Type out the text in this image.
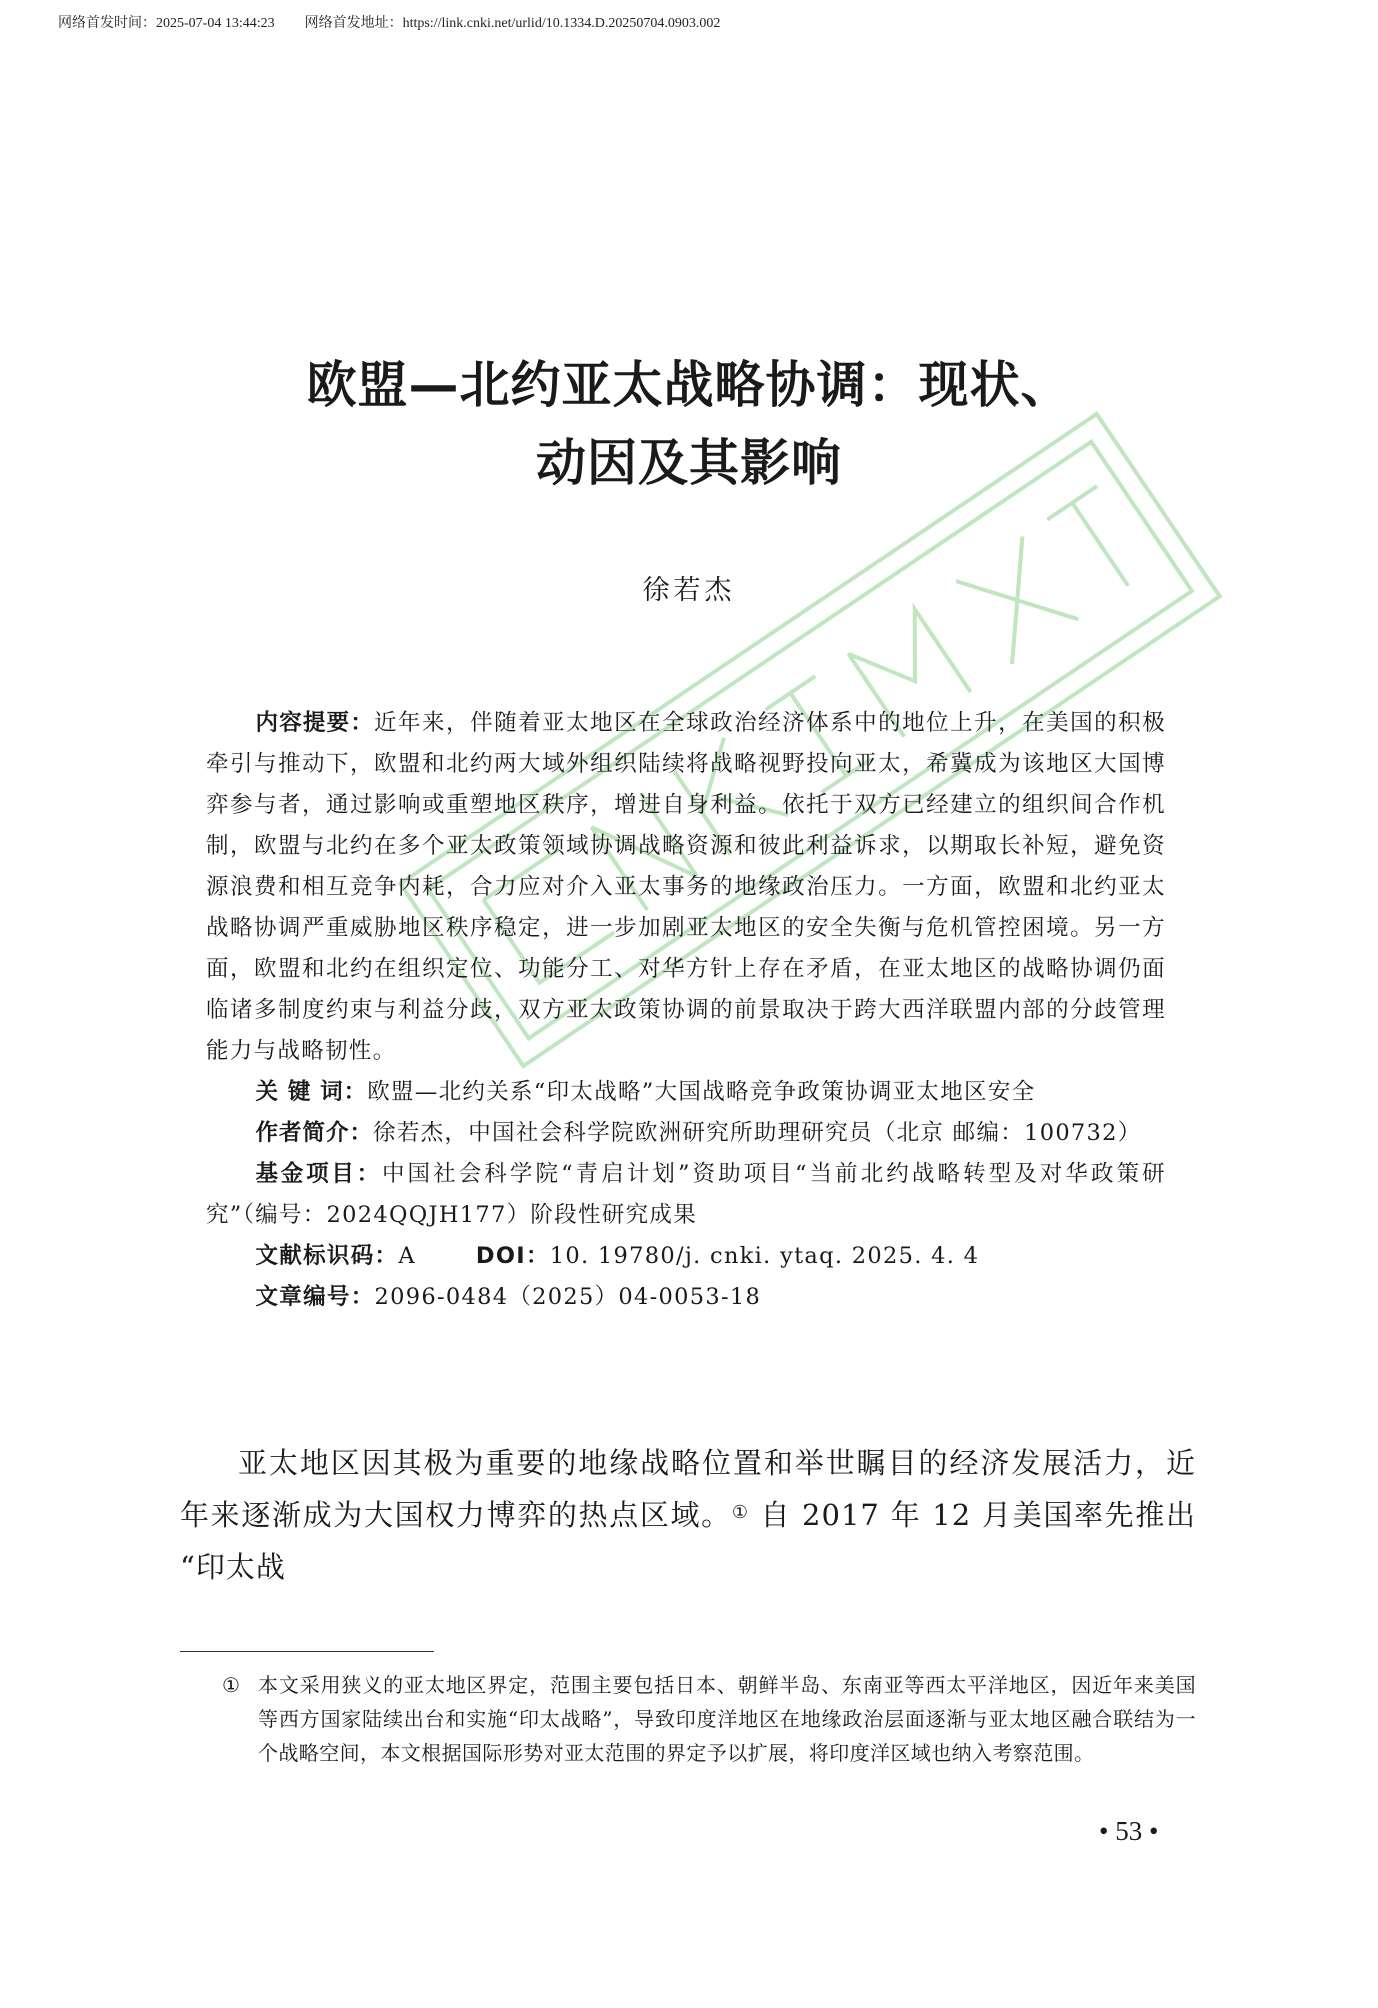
网络首发时间：2025-07-04 13:44:23 网络首发地址：https://link.cnki.net/urlid/10.1334.D.20250704.0903.002
欧盟—北约亚太战略协调：现状、
动因及其影响
徐若杰

内容提要：近年来，伴随着亚太地区在全球政治经济体系中的地位上升，在美国的积极牵引与推动下，欧盟和北约两大域外组织陆续将战略视野投向亚太，希冀成为该地区大国博弈参与者，通过影响或重塑地区秩序，增进自身利益。依托于双方已经建立的组织间合作机制，欧盟与北约在多个亚太政策领域协调战略资源和彼此利益诉求，以期取长补短，避免资源浪费和相互竞争内耗，合力应对介入亚太事务的地缘政治压力。一方面，欧盟和北约亚太战略协调严重威胁地区秩序稳定，进一步加剧亚太地区的安全失衡与危机管控困境。另一方面，欧盟和北约在组织定位、功能分工、对华方针上存在矛盾，在亚太地区的战略协调仍面临诸多制度约束与利益分歧，双方亚太政策协调的前景取决于跨大西洋联盟内部的分歧管理能力与战略韧性。

关 键 词：欧盟—北约关系“印太战略”大国战略竞争政策协调亚太地区安全

作者简介：徐若杰，中国社会科学院欧洲研究所助理研究员（北京 邮编：100732）

基金项目：中国社会科学院“青启计划”资助项目“当前北约战略转型及对华政策研究”（编号：2024QQJH177）阶段性研究成果

文献标识码：A	DOI：10. 19780/j. cnki. ytaq. 2025. 4. 4

文章编号：2096-0484（2025）04-0053-18

亚太地区因其极为重要的地缘战略位置和举世瞩目的经济发展活力，近年来逐渐成为大国权力博弈的热点区域。① 自 2017 年 12 月美国率先推出 “印太战

① 本文采用狭义的亚太地区界定，范围主要包括日本、朝鲜半岛、东南亚等西太平洋地区，因近年来美国等西方国家陆续出台和实施“印太战略”，导致印度洋地区在地缘政治层面逐渐与亚太地区融合联结为一个战略空间，本文根据国际形势对亚太范围的界定予以扩展，将印度洋区域也纳入考察范围。

• 53 •
